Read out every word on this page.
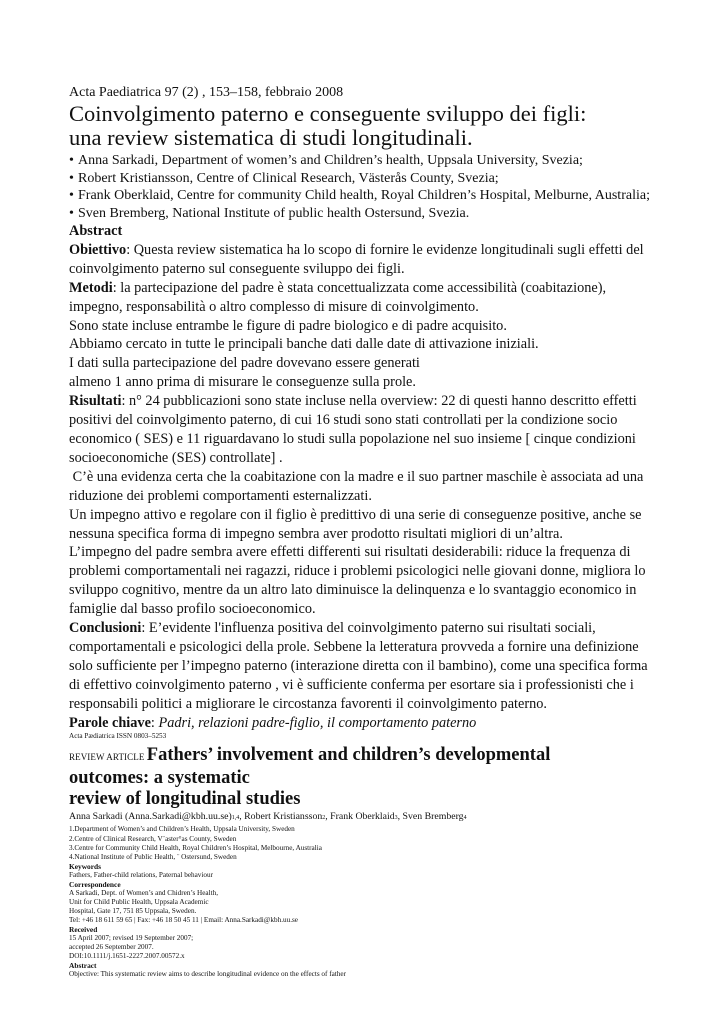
Acta Paediatrica 97 (2) , 153–158, febbraio 2008
Coinvolgimento paterno e conseguente sviluppo dei figli:
una review sistematica di studi longitudinali.
• Anna Sarkadi, Department of women’s and Children’s health, Uppsala University, Svezia;
• Robert Kristiansson, Centre of Clinical Research, Västerås County, Svezia;
• Frank Oberklaid, Centre for community Child health, Royal Children’s Hospital, Melburne, Australia;
• Sven Bremberg, National Institute of public health Ostersund, Svezia.

Abstract

Obiettivo: Questa review sistematica ha lo scopo di fornire le evidenze longitudinali sugli effetti del coinvolgimento paterno sul conseguente sviluppo dei figli.

Metodi: la partecipazione del padre è stata concettualizzata come accessibilità (coabitazione), impegno, responsabilità o altro complesso di misure di coinvolgimento.

Sono state incluse entrambe le figure di padre biologico e di padre acquisito.

Abbiamo cercato in tutte le principali banche dati dalle date di attivazione iniziali.

I dati sulla partecipazione del padre dovevano essere generati

almeno 1 anno prima di misurare le conseguenze sulla prole.

Risultati: n° 24 pubblicazioni sono state incluse nella overview: 22 di questi hanno descritto effetti positivi del coinvolgimento paterno, di cui 16 studi sono stati controllati per la condizione socio economico ( SES) e 11 riguardavano lo studi sulla popolazione nel suo insieme [ cinque condizioni socioeconomiche (SES) controllate] .

C’è una evidenza certa che la coabitazione con la madre e il suo partner maschile è associata ad una riduzione dei problemi comportamenti esternalizzati.

Un impegno attivo e regolare con il figlio è predittivo di una serie di conseguenze positive, anche se nessuna specifica forma di impegno sembra aver prodotto risultati migliori di un’altra.

L’impegno del padre sembra avere effetti differenti sui risultati desiderabili: riduce la frequenza di problemi comportamentali nei ragazzi, riduce i problemi psicologici nelle giovani donne, migliora lo sviluppo cognitivo, mentre da un altro lato diminuisce la delinquenza e lo svantaggio economico in famiglie dal basso profilo socioeconomico.

Conclusioni: E’evidente l'influenza positiva del coinvolgimento paterno sui risultati sociali, comportamentali e psicologici della prole. Sebbene la letteratura provveda a fornire una definizione solo sufficiente per l’impegno paterno (interazione diretta con il bambino), come una specifica forma di effettivo coinvolgimento paterno , vi è sufficiente conferma per esortare sia i professionisti che i responsabili politici a migliorare le circostanza favorenti il coinvolgimento paterno.

Parole chiave: Padri, relazioni padre-figlio, il comportamento paterno

Acta Pædiatrica ISSN 0803–5253
REVIEW ARTICLE Fathers’ involvement and children’s developmental
outcomes: a systematic
review of longitudinal studies
Anna Sarkadi (Anna.Sarkadi@kbh.uu.se)1,4, Robert Kristiansson2, Frank Oberklaid3, Sven Bremberg4
1.Department of Women’s and Children’s Health, Uppsala University, Sweden
2.Centre of Clinical Research, V¨aster°as County, Sweden
3.Centre for Community Child Health, Royal Children’s Hospital, Melbourne, Australia
4.National Institute of Public Health, ¨ Ostersund, Sweden
Keywords
Fathers, Father-child relations, Paternal behaviour
Correspondence
A Sarkadi, Dept. of Women’s and Chidren’s Health,
Unit for Child Public Health, Uppsala Academic
Hospital, Gate 17, 751 85 Uppsala, Sweden.
Tel: +46 18 611 59 65 | Fax: +46 18 50 45 11 | Email: Anna.Sarkadi@kbh.uu.se
Received
15 April 2007; revised 19 September 2007;
accepted 26 September 2007.
DOI:10.1111/j.1651-2227.2007.00572.x
Abstract
Objective: This systematic review aims to describe longitudinal evidence on the effects of father
